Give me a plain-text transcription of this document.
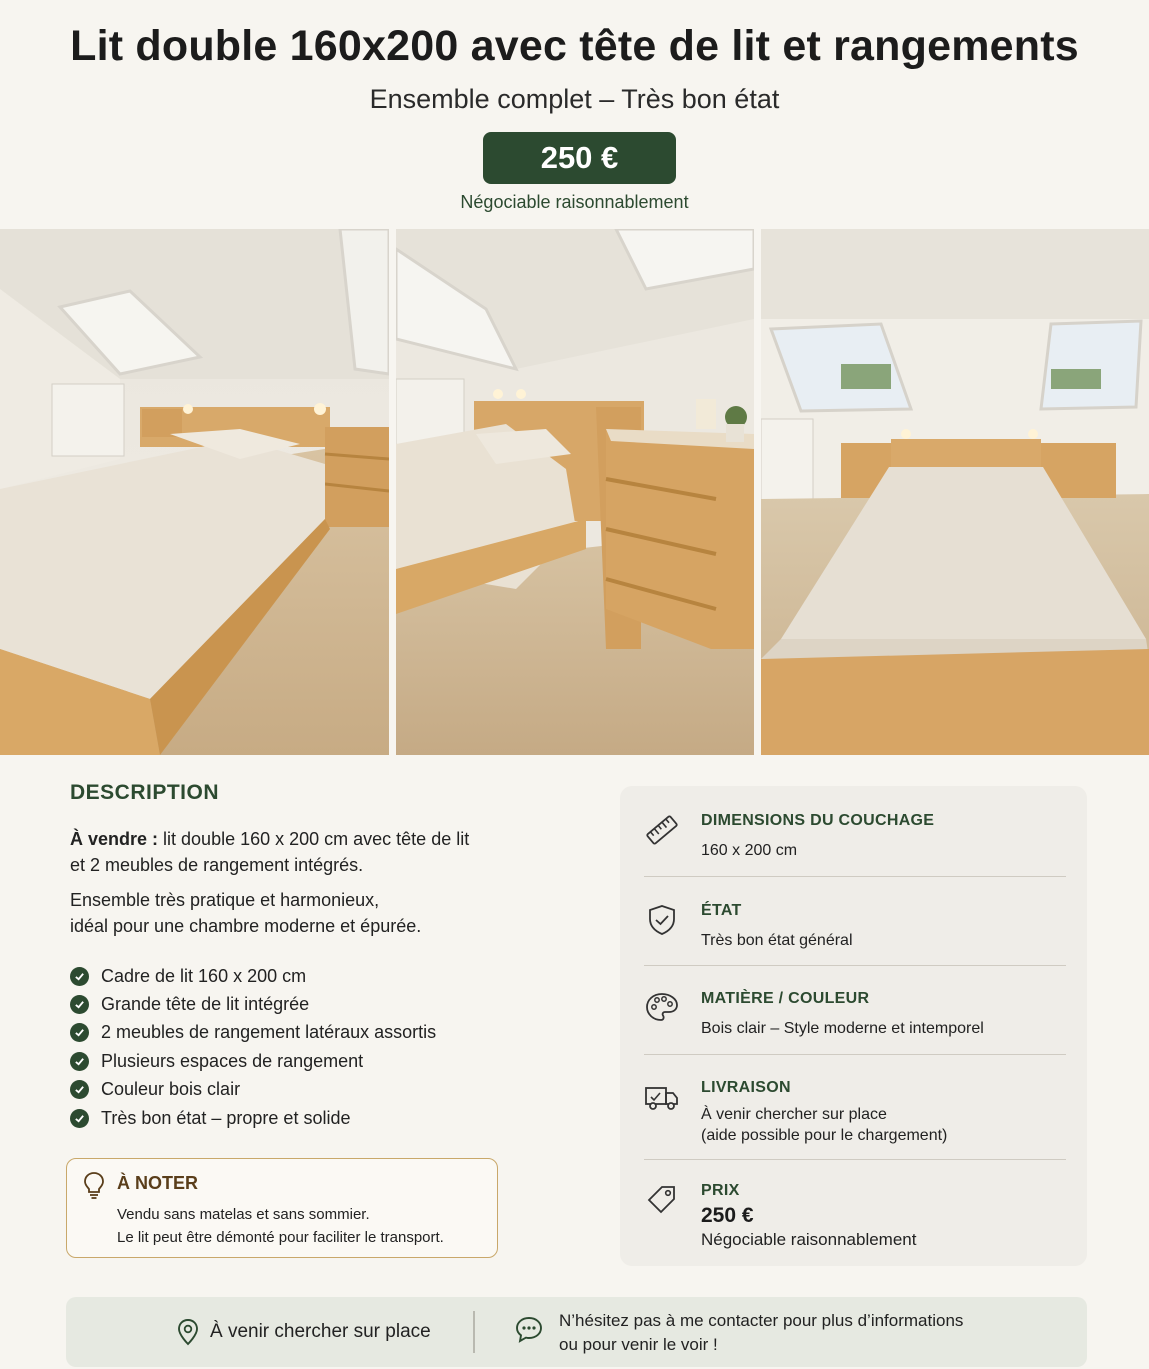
Lit double 160x200 avec tête de lit et rangements
Ensemble complet – Très bon état
250 €
Négociable raisonnablement
DESCRIPTION
À vendre : lit double 160 x 200 cm avec tête de lit
et 2 meubles de rangement intégrés.
Ensemble très pratique et harmonieux,
idéal pour une chambre moderne et épurée.
Cadre de lit 160 x 200 cm
Grande tête de lit intégrée
2 meubles de rangement latéraux assortis
Plusieurs espaces de rangement
Couleur bois clair
Très bon état – propre et solide
À NOTER
Vendu sans matelas et sans sommier.
Le lit peut être démonté pour faciliter le transport.
DIMENSIONS DU COUCHAGE
160 x 200 cm
ÉTAT
Très bon état général
MATIÈRE / COULEUR
Bois clair – Style moderne et intemporel
LIVRAISON
À venir chercher sur place
(aide possible pour le chargement)
PRIX
250 €
Négociable raisonnablement
À venir chercher sur place
N’hésitez pas à me contacter pour plus d’informations
ou pour venir le voir !
